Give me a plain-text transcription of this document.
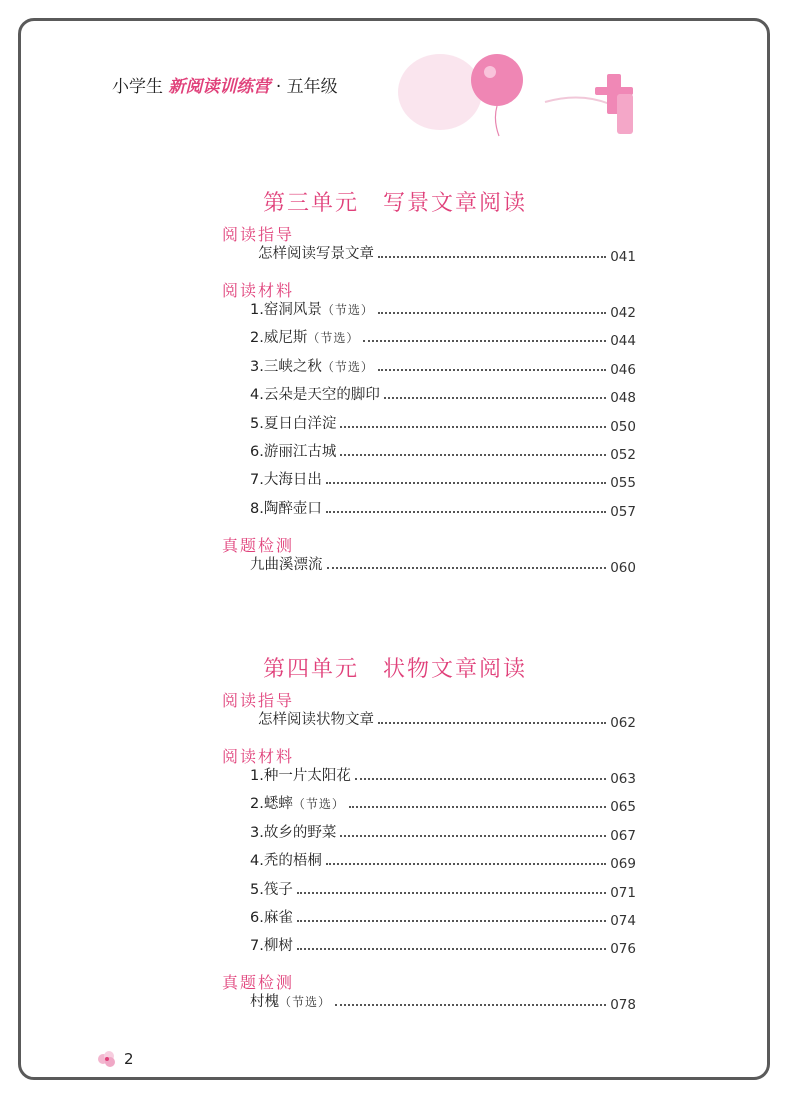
小学生 新阅读训练营 · 五年级
第三单元　写景文章阅读
阅读指导
怎样阅读写景文章	041
阅读材料
1.窑洞风景 （节选）	042
2.威尼斯 （节选）	044
3.三峡之秋 （节选）	046
4.云朵是天空的脚印	048
5.夏日白洋淀	050
6.游丽江古城	052
7.大海日出	055
8.陶醉壶口	057
真题检测
九曲溪漂流	060
第四单元　状物文章阅读
阅读指导
怎样阅读状物文章	062
阅读材料
1.种一片太阳花	063
2.蟋蟀 （节选）	065
3.故乡的野菜	067
4.秃的梧桐	069
5.筏子	071
6.麻雀	074
7.柳树	076
真题检测
村槐 （节选）	078
2
